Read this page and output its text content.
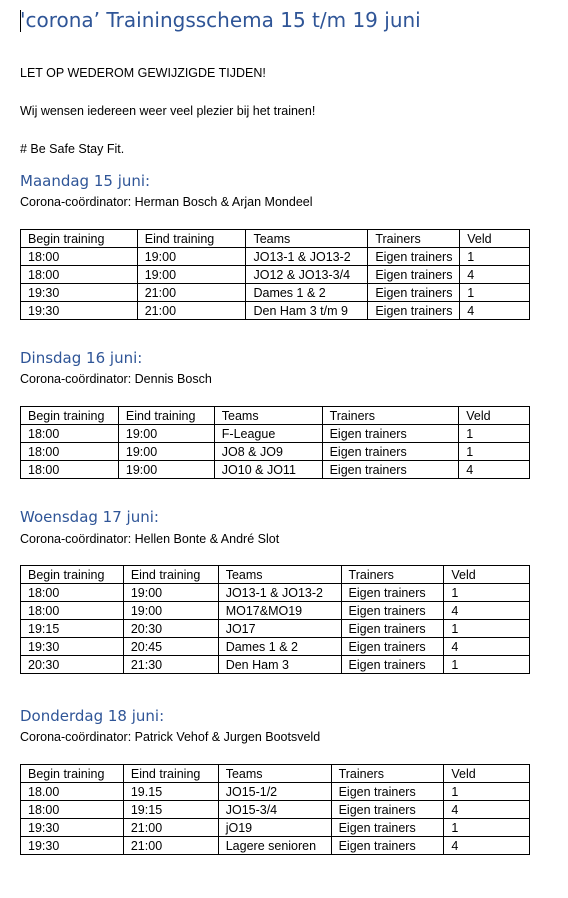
'corona’ Trainingsschema 15 t/m 19 juni
LET OP WEDEROM GEWIJZIGDE TIJDEN!
Wij wensen iedereen weer veel plezier bij het trainen!
# Be Safe Stay Fit.
Maandag 15 juni:
Corona-coördinator: Herman Bosch & Arjan Mondeel
Begin training	Eind training	Teams	Trainers	Veld
18:00	19:00	JO13-1 & JO13-2	Eigen trainers	1
18:00	19:00	JO12 & JO13-3/4	Eigen trainers	4
19:30	21:00	Dames 1 & 2	Eigen trainers	1
19:30	21:00	Den Ham 3 t/m 9	Eigen trainers	4
Dinsdag 16 juni:
Corona-coördinator: Dennis Bosch
Begin training	Eind training	Teams	Trainers	Veld
18:00	19:00	F-League	Eigen trainers	1
18:00	19:00	JO8 & JO9	Eigen trainers	1
18:00	19:00	JO10 & JO11	Eigen trainers	4
Woensdag 17 juni:
Corona-coördinator: Hellen Bonte & André Slot
Begin training	Eind training	Teams	Trainers	Veld
18:00	19:00	JO13-1 & JO13-2	Eigen trainers	1
18:00	19:00	MO17&MO19	Eigen trainers	4
19:15	20:30	JO17	Eigen trainers	1
19:30	20:45	Dames 1 & 2	Eigen trainers	4
20:30	21:30	Den Ham 3	Eigen trainers	1
Donderdag 18 juni:
Corona-coördinator: Patrick Vehof & Jurgen Bootsveld
Begin training	Eind training	Teams	Trainers	Veld
18.00	19.15	JO15-1/2	Eigen trainers	1
18:00	19:15	JO15-3/4	Eigen trainers	4
19:30	21:00	jO19	Eigen trainers	1
19:30	21:00	Lagere senioren	Eigen trainers	4
